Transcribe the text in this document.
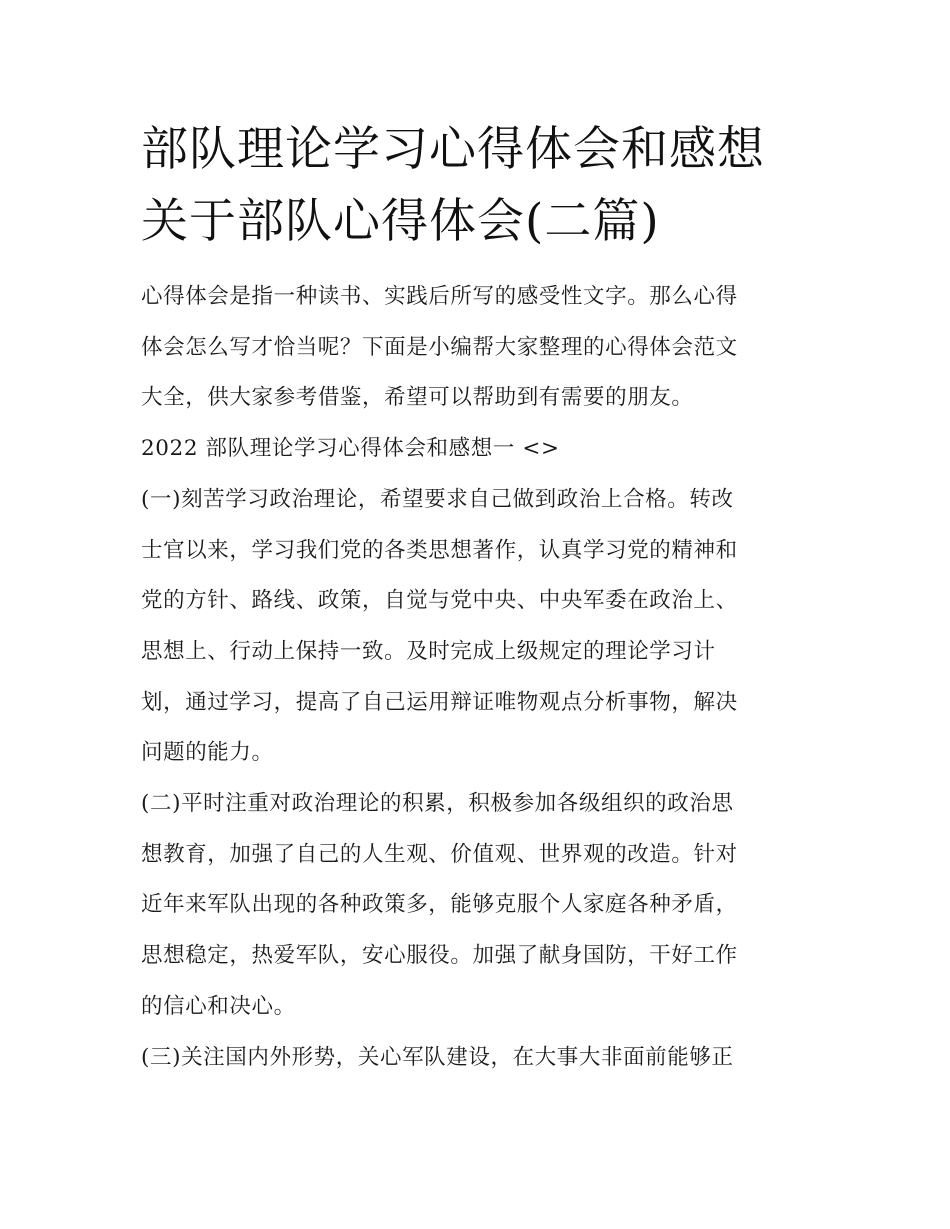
部队理论学习心得体会和感想
关于部队心得体会(二篇)

心得体会是指一种读书、实践后所写的感受性文字。那么心得
体会怎么写才恰当呢？下面是小编帮大家整理的心得体会范文
大全，供大家参考借鉴，希望可以帮助到有需要的朋友。

2022 部队理论学习心得体会和感想一 <>

(一)刻苦学习政治理论，希望要求自己做到政治上合格。转改
士官以来，学习我们党的各类思想著作，认真学习党的精神和
党的方针、路线、政策，自觉与党中央、中央军委在政治上、
思想上、行动上保持一致。及时完成上级规定的理论学习计
划，通过学习，提高了自己运用辩证唯物观点分析事物，解决
问题的能力。

(二)平时注重对政治理论的积累，积极参加各级组织的政治思
想教育，加强了自己的人生观、价值观、世界观的改造。针对
近年来军队出现的各种政策多，能够克服个人家庭各种矛盾，
思想稳定，热爱军队，安心服役。加强了献身国防，干好工作
的信心和决心。

(三)关注国内外形势，关心军队建设，在大事大非面前能够正
